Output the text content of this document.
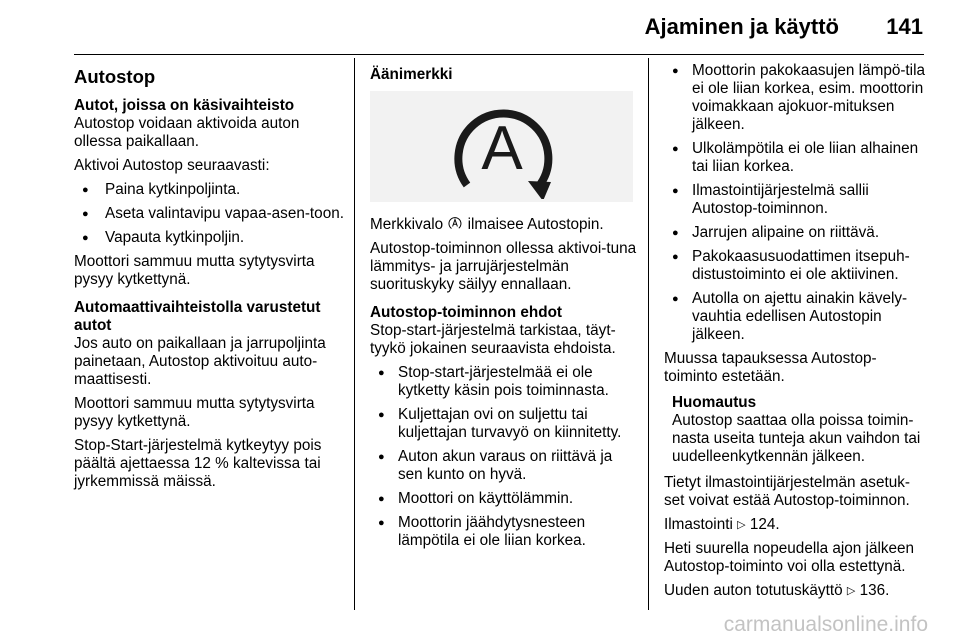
Ajaminen ja käyttö 141
Autostop
Autot, joissa on käsivaihteisto

Autostop voidaan aktivoida auton ollessa paikallaan.

Aktivoi Autostop seuraavasti:

● Paina kytkinpoljinta.
● Aseta valintavipu vapaa-asen-toon.
● Vapauta kytkinpoljin.

Moottori sammuu mutta sytytysvirta pysyy kytkettynä.

Automaattivaihteistolla varustetut autot

Jos auto on paikallaan ja jarrupoljinta painetaan, Autostop aktivoituu auto-maattisesti.

Moottori sammuu mutta sytytysvirta pysyy kytkettynä.

Stop-Start-järjestelmä kytkeytyy pois päältä ajettaessa 12 % kaltevissa tai jyrkemmissä mäissä.

Äänimerkki
A

Merkkivalo ilmaisee Autostopin.

Autostop-toiminnon ollessa aktivoi-tuna lämmitys- ja jarrujärjestelmän suorituskyky säilyy ennallaan.

Autostop-toiminnon ehdot

Stop-start-järjestelmä tarkistaa, täyt-tyykö jokainen seuraavista ehdoista.

● Stop-start-järjestelmää ei ole kytketty käsin pois toiminnasta.
● Kuljettajan ovi on suljettu tai kuljettajan turvavyö on kiinnitetty.
● Auton akun varaus on riittävä ja sen kunto on hyvä.
● Moottori on käyttölämmin.
● Moottorin jäähdytysnesteen lämpötila ei ole liian korkea.
● Moottorin pakokaasujen lämpö-tila ei ole liian korkea, esim. moottorin voimakkaan ajokuor-mituksen jälkeen.
● Ulkolämpötila ei ole liian alhainen tai liian korkea.
● Ilmastointijärjestelmä sallii Autostop-toiminnon.
● Jarrujen alipaine on riittävä.
● Pakokaasusuodattimen itsepuh-distustoiminto ei ole aktiivinen.
● Autolla on ajettu ainakin kävely-vauhtia edellisen Autostopin jälkeen.

Muussa tapauksessa Autostop-toiminto estetään.

Huomautus
Autostop saattaa olla poissa toimin-nasta useita tunteja akun vaihdon tai uudelleenkytkennän jälkeen.

Tietyt ilmastointijärjestelmän asetuk-set voivat estää Autostop-toiminnon.

Ilmastointi ▷ 124.

Heti suurella nopeudella ajon jälkeen Autostop-toiminto voi olla estettynä.

Uuden auton totutuskäyttö ▷ 136.

carmanualsonline.info
